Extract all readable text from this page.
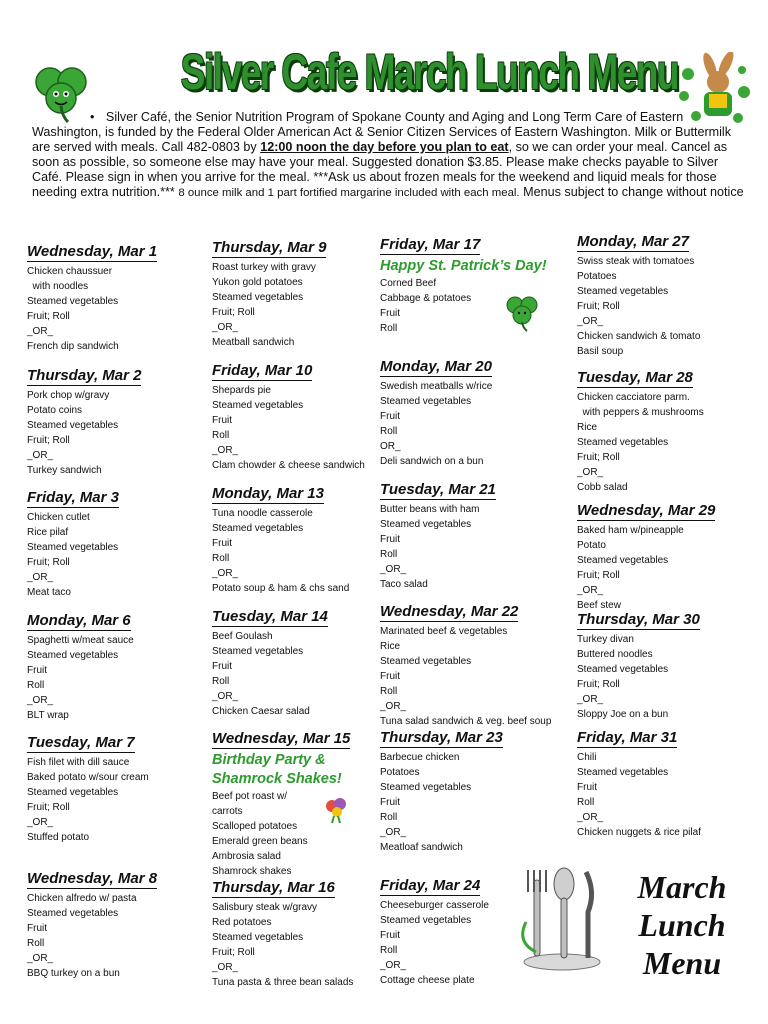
Silver Cafe March Lunch Menu
• Silver Café, the Senior Nutrition Program of Spokane County and Aging and Long Term Care of Eastern Washington, is funded by the Federal Older American Act & Senior Citizen Services of Eastern Washington. Milk or Buttermilk are served with meals. Call 482-0803 by 12:00 noon the day before you plan to eat, so we can order your meal. Cancel as soon as possible, so someone else may have your meal. Suggested donation $3.85. Please make checks payable to Silver Café. Please sign in when you arrive for the meal. ***Ask us about frozen meals for the weekend and liquid meals for those needing extra nutrition.*** 8 ounce milk and 1 part fortified margarine included with each meal. Menus subject to change without notice
Wednesday, Mar 1
Chicken chaussuer
with noodles
Steamed vegetables
Fruit; Roll
_OR_
French dip sandwich
Thursday, Mar 2
Pork chop w/gravy
Potato coins
Steamed vegetables
Fruit; Roll
_OR_
Turkey sandwich
Friday, Mar 3
Chicken cutlet
Rice pilaf
Steamed vegetables
Fruit; Roll
_OR_
Meat taco
Monday, Mar 6
Spaghetti w/meat sauce
Steamed vegetables
Fruit
Roll
_OR_
BLT wrap
Tuesday, Mar 7
Fish filet with dill sauce
Baked potato w/sour cream
Steamed vegetables
Fruit; Roll
_OR_
Stuffed potato
Wednesday, Mar 8
Chicken alfredo w/ pasta
Steamed vegetables
Fruit
Roll
_OR_
BBQ turkey on a bun
Thursday, Mar 9
Roast turkey with gravy
Yukon gold potatoes
Steamed vegetables
Fruit; Roll
_OR_
Meatball sandwich
Friday, Mar 10
Shepards pie
Steamed vegetables
Fruit
Roll
_OR_
Clam chowder & cheese sandwich
Monday, Mar 13
Tuna noodle casserole
Steamed vegetables
Fruit
Roll
_OR_
Potato soup & ham & chs sand
Tuesday, Mar 14
Beef Goulash
Steamed vegetables
Fruit
Roll
_OR_
Chicken Caesar salad
Wednesday, Mar 15
Birthday Party & Shamrock Shakes!
Beef pot roast w/
carrots
Scalloped potatoes
Emerald green beans
Ambrosia salad
Shamrock shakes
Thursday, Mar 16
Salisbury steak w/gravy
Red potatoes
Steamed vegetables
Fruit; Roll
_OR_
Tuna pasta & three bean salads
Friday, Mar 17
Happy St. Patrick’s Day!
Corned Beef
Cabbage & potatoes
Fruit
Roll
Monday, Mar 20
Swedish meatballs w/rice
Steamed vegetables
Fruit
Roll
OR_
Deli sandwich on a bun
Tuesday, Mar 21
Butter beans with ham
Steamed vegetables
Fruit
Roll
_OR_
Taco salad
Wednesday, Mar 22
Marinated beef & vegetables
Rice
Steamed vegetables
Fruit
Roll
_OR_
Tuna salad sandwich & veg. beef soup
Thursday, Mar 23
Barbecue chicken
Potatoes
Steamed vegetables
Fruit
Roll
_OR_
Meatloaf sandwich
Friday, Mar 24
Cheeseburger casserole
Steamed vegetables
Fruit
Roll
_OR_
Cottage cheese plate
Monday, Mar 27
Swiss steak with tomatoes
Potatoes
Steamed vegetables
Fruit; Roll
_OR_
Chicken sandwich & tomato
Basil soup
Tuesday, Mar 28
Chicken cacciatore parm.
with peppers & mushrooms
Rice
Steamed vegetables
Fruit; Roll
_OR_
Cobb salad
Wednesday, Mar 29
Baked ham w/pineapple
Potato
Steamed vegetables
Fruit; Roll
_OR_
Beef stew
Thursday, Mar 30
Turkey divan
Buttered noodles
Steamed vegetables
Fruit; Roll
_OR_
Sloppy Joe on a bun
Friday, Mar 31
Chili
Steamed vegetables
Fruit
Roll
_OR_
Chicken nuggets & rice pilaf
March
Lunch
Menu
